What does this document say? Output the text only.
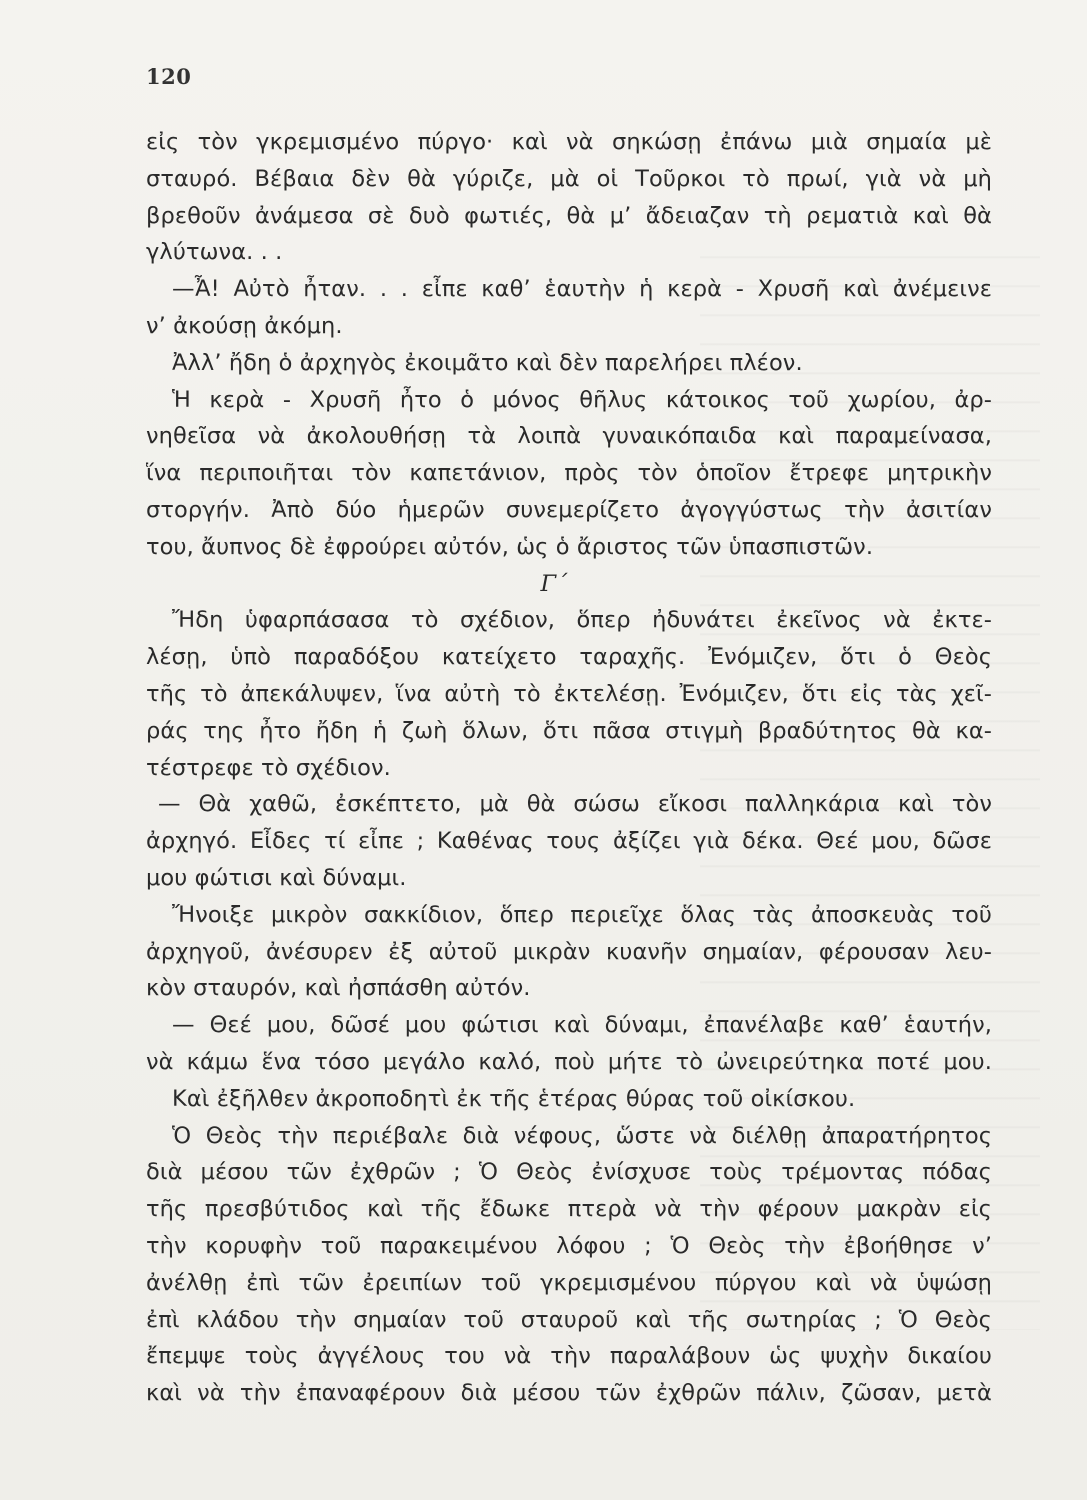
120
εἰς τὸν γκρεμισμένο πύργο· καὶ νὰ σηκώσῃ ἐπάνω μιὰ σημαία μὲ
σταυρό. Βέβαια δὲν θὰ γύριζε, μὰ οἱ Τοῦρκοι τὸ πρωί, γιὰ νὰ μὴ
βρεθοῦν ἀνάμεσα σὲ δυὸ φωτιές, θὰ μ’ ἄδειαζαν τὴ ρεματιὰ καὶ θὰ
γλύτωνα. . .
—Ἆ! Αὐτὸ ἦταν. . . εἶπε καθ’ ἑαυτὴν ἡ κερὰ - Χρυσῆ καὶ ἀνέμεινε
ν’ ἀκούσῃ ἀκόμη.
Ἀλλ’ ἤδη ὁ ἀρχηγὸς ἐκοιμᾶτο καὶ δὲν παρελήρει πλέον.
Ἡ κερὰ - Χρυσῆ ἦτο ὁ μόνος θῆλυς κάτοικος τοῦ χωρίου, ἀρ-
νηθεῖσα νὰ ἀκολουθήσῃ τὰ λοιπὰ γυναικόπαιδα καὶ παραμείνασα,
ἵνα περιποιῆται τὸν καπετάνιον, πρὸς τὸν ὁποῖον ἔτρεφε μητρικὴν
στοργήν. Ἀπὸ δύο ἡμερῶν συνεμερίζετο ἀγογγύστως τὴν ἀσιτίαν
του, ἄυπνος δὲ ἐφρούρει αὐτόν, ὡς ὁ ἄριστος τῶν ὑπασπιστῶν.
Γ΄
Ἤδη ὑφαρπάσασα τὸ σχέδιον, ὅπερ ἠδυνάτει ἐκεῖνος νὰ ἐκτε-
λέσῃ, ὑπὸ παραδόξου κατείχετο ταραχῆς. Ἐνόμιζεν, ὅτι ὁ Θεὸς
τῆς τὸ ἀπεκάλυψεν, ἵνα αὐτὴ τὸ ἐκτελέσῃ. Ἐνόμιζεν, ὅτι εἰς τὰς χεῖ-
ράς της ἦτο ἤδη ἡ ζωὴ ὅλων, ὅτι πᾶσα στιγμὴ βραδύτητος θὰ κα-
τέστρεφε τὸ σχέδιον.
— Θὰ χαθῶ, ἐσκέπτετο, μὰ θὰ σώσω εἴκοσι παλληκάρια καὶ τὸν
ἀρχηγό. Εἶδες τί εἶπε ; Καθένας τους ἀξίζει γιὰ δέκα. Θεέ μου, δῶσε
μου φώτισι καὶ δύναμι.
Ἤνοιξε μικρὸν σακκίδιον, ὅπερ περιεῖχε ὅλας τὰς ἀποσκευὰς τοῦ
ἀρχηγοῦ, ἀνέσυρεν ἐξ αὐτοῦ μικρὰν κυανῆν σημαίαν, φέρουσαν λευ-
κὸν σταυρόν, καὶ ἠσπάσθη αὐτόν.
— Θεέ μου, δῶσέ μου φώτισι καὶ δύναμι, ἐπανέλαβε καθ’ ἑαυτήν,
νὰ κάμω ἕνα τόσο μεγάλο καλό, ποὺ μήτε τὸ ὠνειρεύτηκα ποτέ μου.
Καὶ ἐξῆλθεν ἀκροποδητὶ ἐκ τῆς ἑτέρας θύρας τοῦ οἰκίσκου.
Ὁ Θεὸς τὴν περιέβαλε διὰ νέφους, ὥστε νὰ διέλθῃ ἀπαρατήρητος
διὰ μέσου τῶν ἐχθρῶν ; Ὁ Θεὸς ἐνίσχυσε τοὺς τρέμοντας πόδας
τῆς πρεσβύτιδος καὶ τῆς ἔδωκε πτερὰ νὰ τὴν φέρουν μακρὰν εἰς
τὴν κορυφὴν τοῦ παρακειμένου λόφου ; Ὁ Θεὸς τὴν ἐβοήθησε ν’
ἀνέλθῃ ἐπὶ τῶν ἐρειπίων τοῦ γκρεμισμένου πύργου καὶ νὰ ὑψώσῃ
ἐπὶ κλάδου τὴν σημαίαν τοῦ σταυροῦ καὶ τῆς σωτηρίας ; Ὁ Θεὸς
ἔπεμψε τοὺς ἀγγέλους του νὰ τὴν παραλάβουν ὡς ψυχὴν δικαίου
καὶ νὰ τὴν ἐπαναφέρουν διὰ μέσου τῶν ἐχθρῶν πάλιν, ζῶσαν, μετὰ
